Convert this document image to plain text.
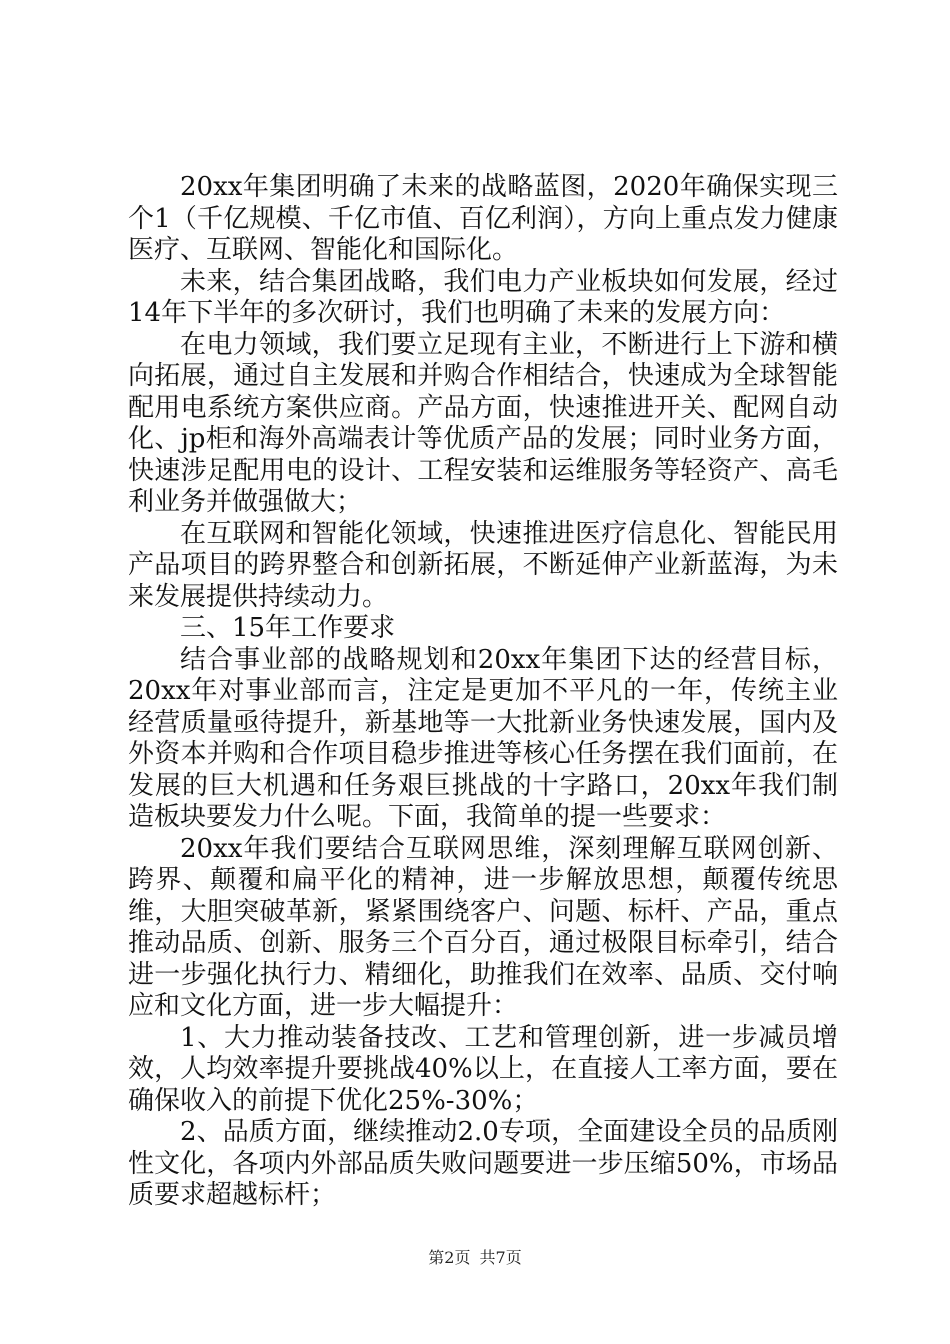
20xx年集团明确了未来的战略蓝图，2020年确保实现三个1（千亿规模、千亿市值、百亿利润），方向上重点发力健康医疗、互联网、智能化和国际化。

未来，结合集团战略，我们电力产业板块如何发展，经过14年下半年的多次研讨，我们也明确了未来的发展方向：

在电力领域，我们要立足现有主业，不断进行上下游和横向拓展，通过自主发展和并购合作相结合，快速成为全球智能配用电系统方案供应商。产品方面，快速推进开关、配网自动化、jp柜和海外高端表计等优质产品的发展；同时业务方面，快速涉足配用电的设计、工程安装和运维服务等轻资产、高毛利业务并做强做大；

在互联网和智能化领域，快速推进医疗信息化、智能民用产品项目的跨界整合和创新拓展，不断延伸产业新蓝海，为未来发展提供持续动力。

三、15年工作要求

结合事业部的战略规划和20xx年集团下达的经营目标，20xx年对事业部而言，注定是更加不平凡的一年，传统主业经营质量亟待提升，新基地等一大批新业务快速发展，国内及外资本并购和合作项目稳步推进等核心任务摆在我们面前，在发展的巨大机遇和任务艰巨挑战的十字路口，20xx年我们制造板块要发力什么呢。下面，我简单的提一些要求：

20xx年我们要结合互联网思维，深刻理解互联网创新、跨界、颠覆和扁平化的精神，进一步解放思想，颠覆传统思维，大胆突破革新，紧紧围绕客户、问题、标杆、产品，重点推动品质、创新、服务三个百分百，通过极限目标牵引，结合进一步强化执行力、精细化，助推我们在效率、品质、交付响应和文化方面，进一步大幅提升：

1、大力推动装备技改、工艺和管理创新，进一步减员增效，人均效率提升要挑战40%以上，在直接人工率方面，要在确保收入的前提下优化25%-30%；

2、品质方面，继续推动2.0专项，全面建设全员的品质刚性文化，各项内外部品质失败问题要进一步压缩50%，市场品质要求超越标杆；

第2页 共7页
